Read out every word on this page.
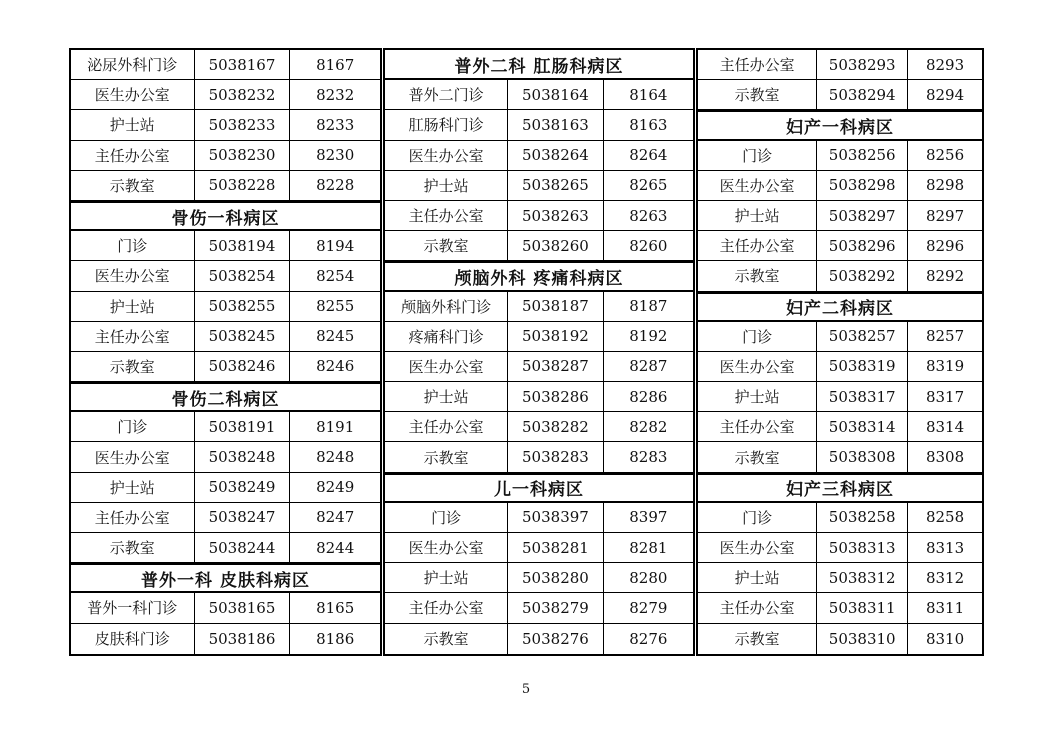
泌尿外科门诊	5038167	8167
医生办公室	5038232	8232
护士站	5038233	8233
主任办公室	5038230	8230
示教室	5038228	8228
骨伤一科病区
门诊	5038194	8194
医生办公室	5038254	8254
护士站	5038255	8255
主任办公室	5038245	8245
示教室	5038246	8246
骨伤二科病区
门诊	5038191	8191
医生办公室	5038248	8248
护士站	5038249	8249
主任办公室	5038247	8247
示教室	5038244	8244
普外一科 皮肤科病区
普外一科门诊	5038165	8165
皮肤科门诊	5038186	8186
普外二科 肛肠科病区
普外二门诊	5038164	8164
肛肠科门诊	5038163	8163
医生办公室	5038264	8264
护士站	5038265	8265
主任办公室	5038263	8263
示教室	5038260	8260
颅脑外科 疼痛科病区
颅脑外科门诊	5038187	8187
疼痛科门诊	5038192	8192
医生办公室	5038287	8287
护士站	5038286	8286
主任办公室	5038282	8282
示教室	5038283	8283
儿一科病区
门诊	5038397	8397
医生办公室	5038281	8281
护士站	5038280	8280
主任办公室	5038279	8279
示教室	5038276	8276
主任办公室	5038293	8293
示教室	5038294	8294
妇产一科病区
门诊	5038256	8256
医生办公室	5038298	8298
护士站	5038297	8297
主任办公室	5038296	8296
示教室	5038292	8292
妇产二科病区
门诊	5038257	8257
医生办公室	5038319	8319
护士站	5038317	8317
主任办公室	5038314	8314
示教室	5038308	8308
妇产三科病区
门诊	5038258	8258
医生办公室	5038313	8313
护士站	5038312	8312
主任办公室	5038311	8311
示教室	5038310	8310
5
